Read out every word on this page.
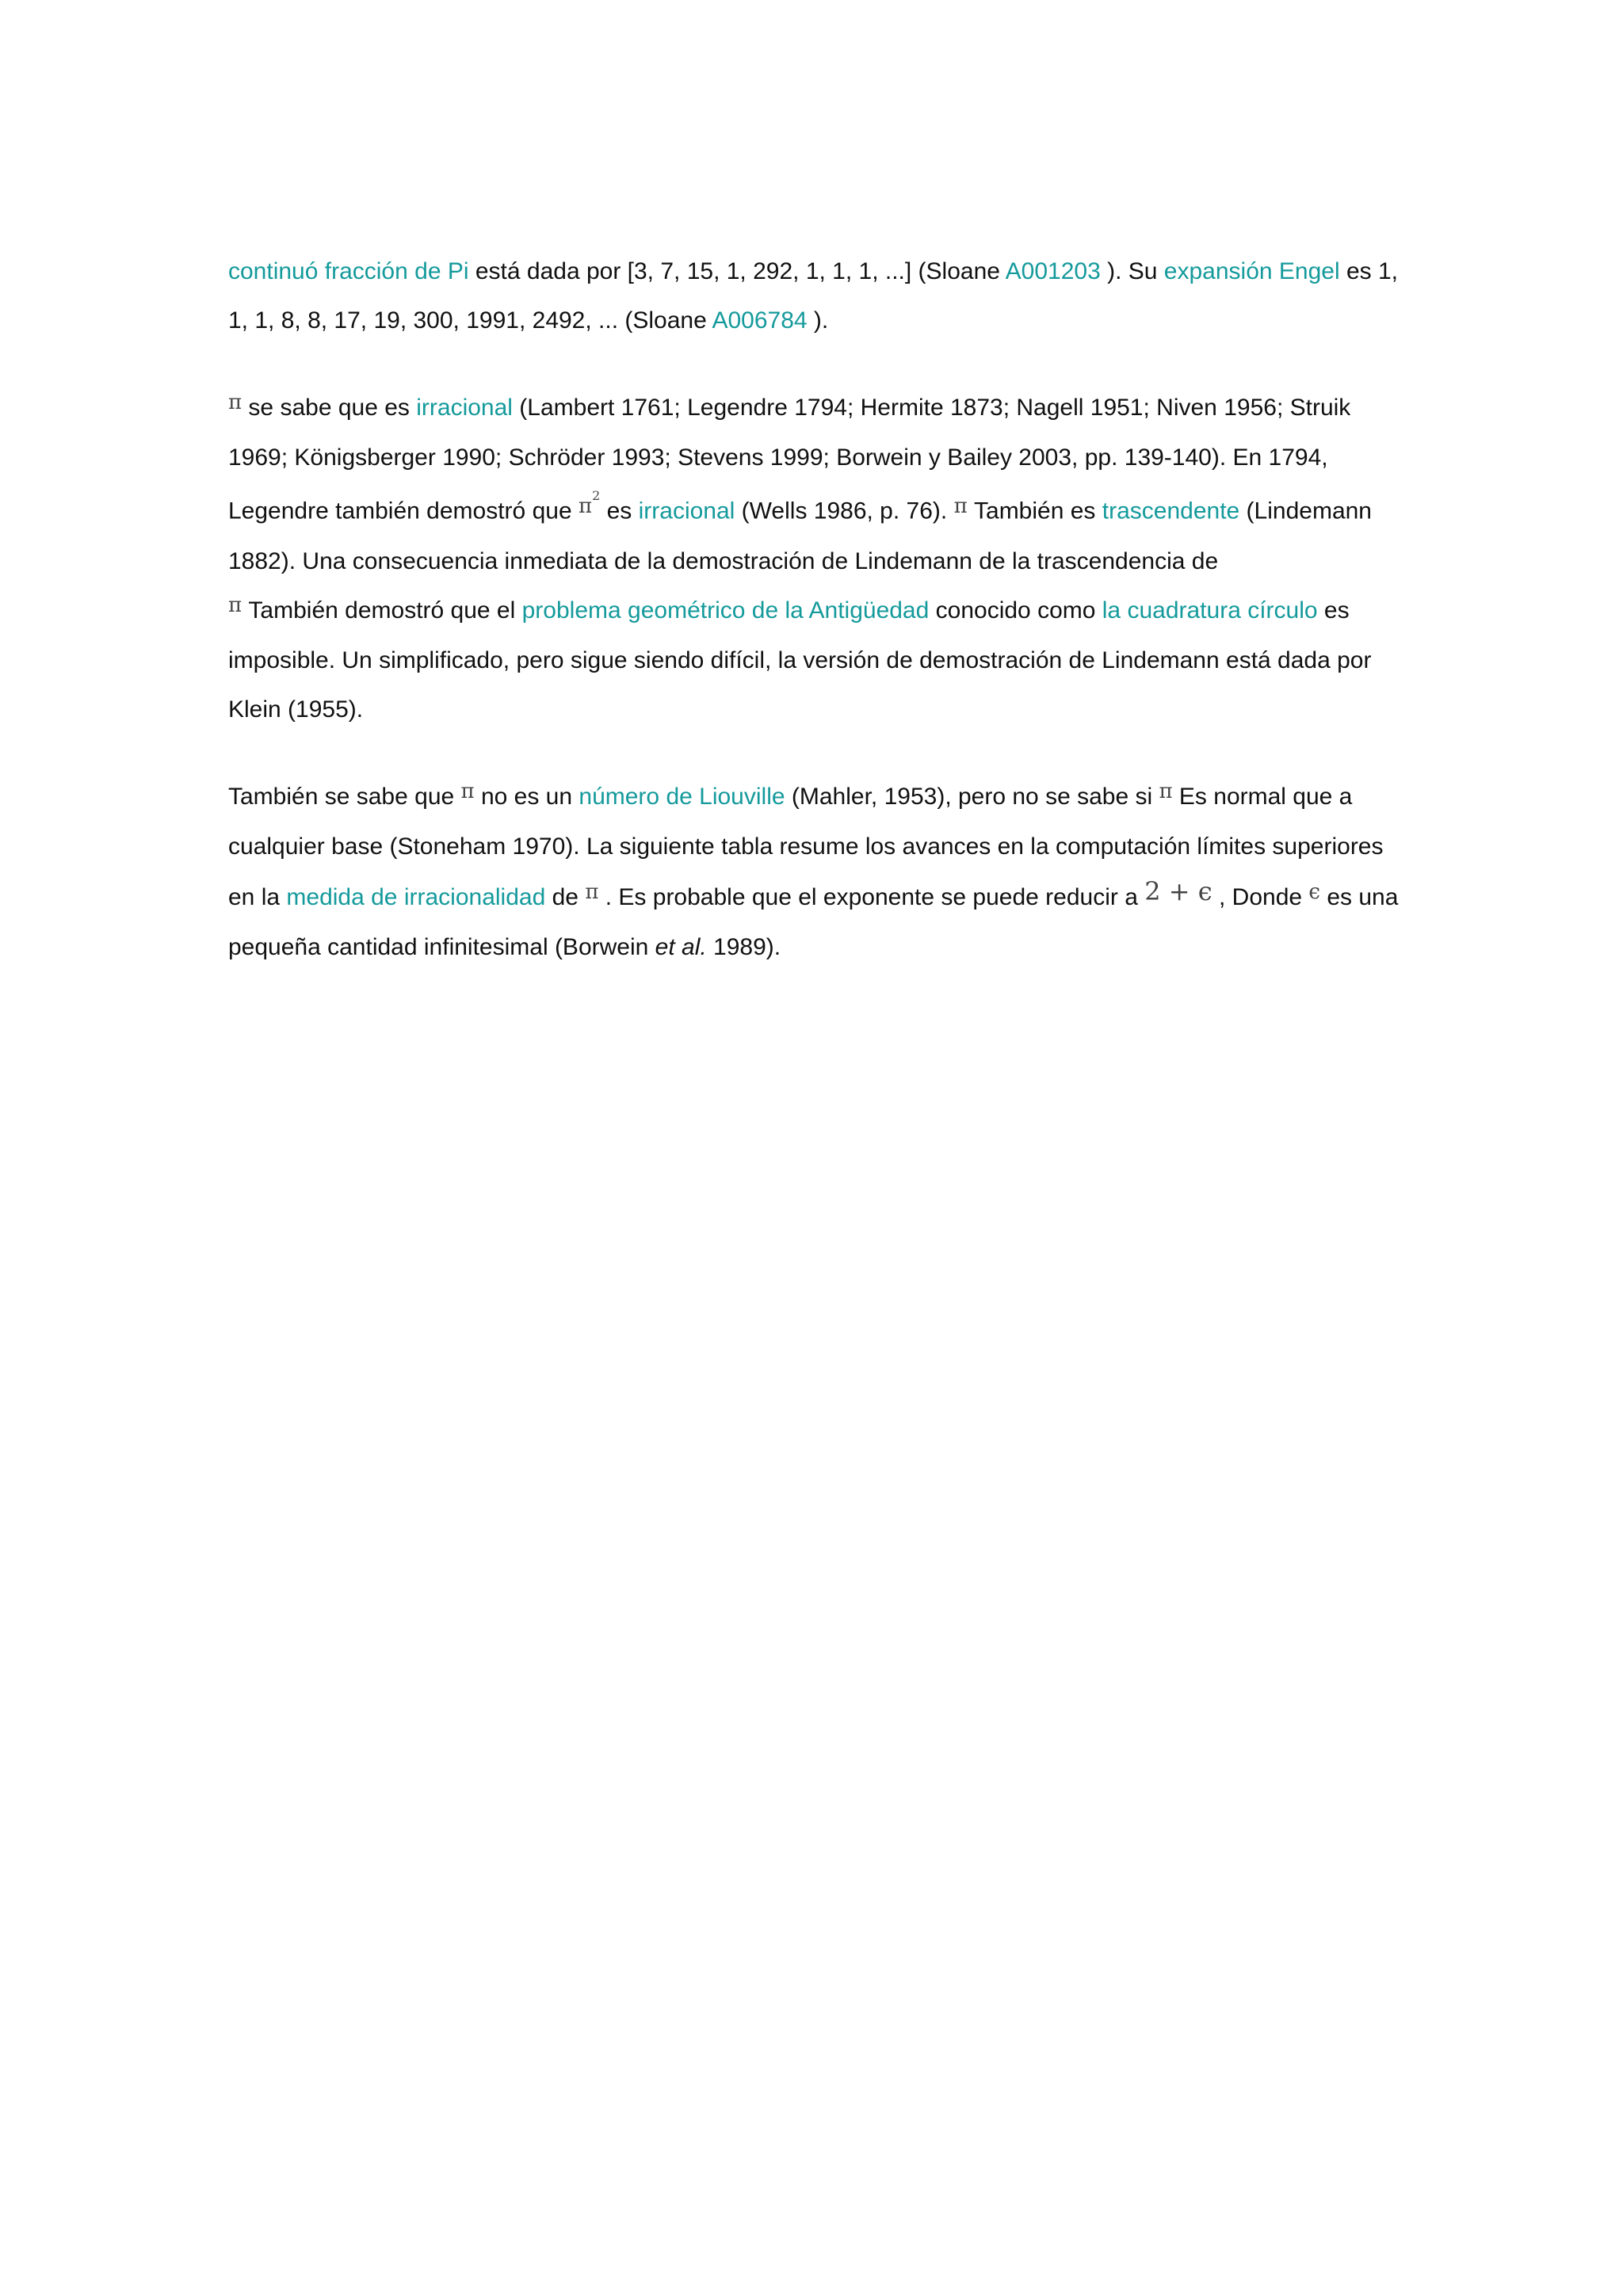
continuó fracción de Pi está dada por [3, 7, 15, 1, 292, 1, 1, 1, ...] (Sloane A001203 ). Su expansión Engel es 1, 1, 1, 8, 8, 17, 19, 300, 1991, 2492, ... (Sloane A006784 ).

π se sabe que es irracional (Lambert 1761; Legendre 1794; Hermite 1873; Nagell 1951; Niven 1956; Struik 1969; Königsberger 1990; Schröder 1993; Stevens 1999; Borwein y Bailey 2003, pp. 139-140). En 1794, Legendre también demostró que $\pi^2$ es irracional (Wells 1986, p. 76). π También es trascendente (Lindemann 1882). Una consecuencia inmediata de la demostración de Lindemann de la trascendencia de
π También demostró que el problema geométrico de la Antigüedad conocido como la cuadratura círculo es imposible. Un simplificado, pero sigue siendo difícil, la versión de demostración de Lindemann está dada por Klein (1955).

También se sabe que π no es un número de Liouville (Mahler, 1953), pero no se sabe si π Es normal que a cualquier base (Stoneham 1970). La siguiente tabla resume los avances en la computación límites superiores en la medida de irracionalidad de π . Es probable que el exponente se puede reducir a 2 + ϵ , Donde ϵ es una pequeña cantidad infinitesimal (Borwein et al. 1989).
